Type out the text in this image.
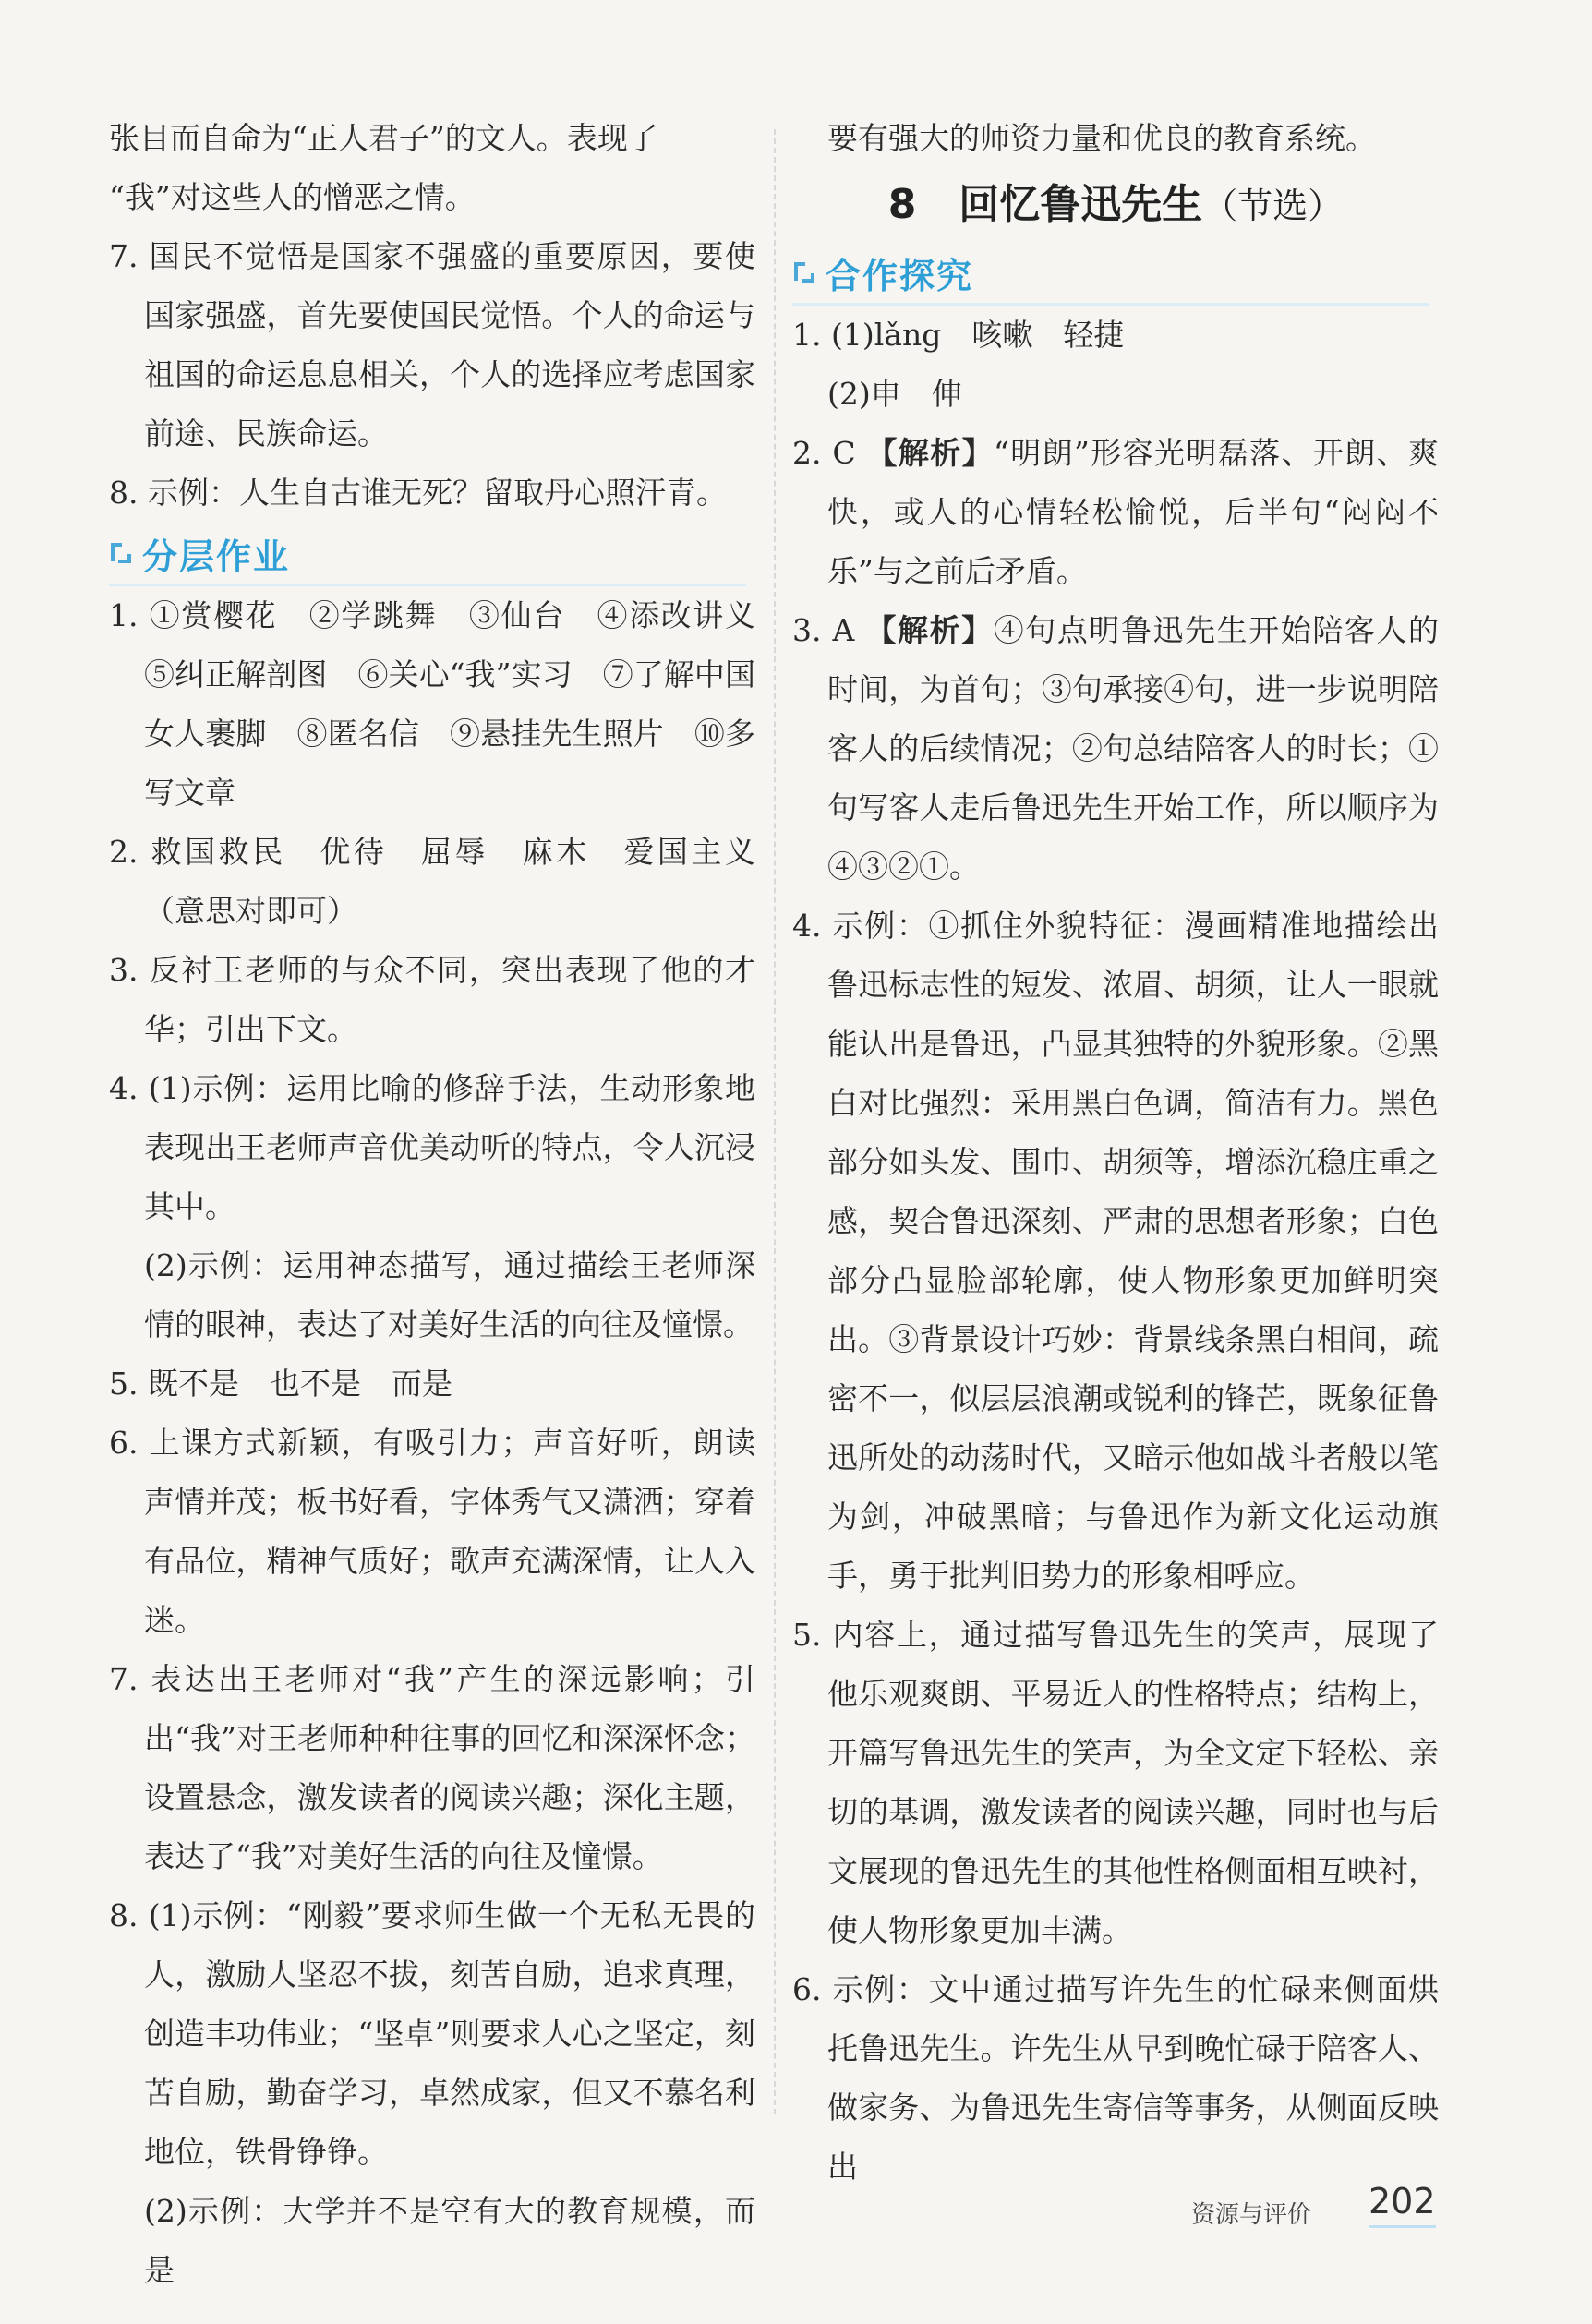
张目而自命为“正人君子”的文人。表现了
“我”对这些人的憎恶之情。
7. 国民不觉悟是国家不强盛的重要原因，要使国家强盛，首先要使国民觉悟。个人的命运与祖国的命运息息相关，个人的选择应考虑国家前途、民族命运。
8. 示例：人生自古谁无死？留取丹心照汗青。
分层作业
1. ①赏樱花　②学跳舞　③仙台　④添改讲义　⑤纠正解剖图　⑥关心“我”实习　⑦了解中国女人裹脚　⑧匿名信　⑨悬挂先生照片　⑩多写文章
2. 救国救民　优待　屈辱　麻木　爱国主义（意思对即可）
3. 反衬王老师的与众不同，突出表现了他的才华；引出下文。
4. (1)示例：运用比喻的修辞手法，生动形象地表现出王老师声音优美动听的特点，令人沉浸其中。
(2)示例：运用神态描写，通过描绘王老师深情的眼神，表达了对美好生活的向往及憧憬。
5. 既不是　也不是　而是
6. 上课方式新颖，有吸引力；声音好听，朗读声情并茂；板书好看，字体秀气又潇洒；穿着有品位，精神气质好；歌声充满深情，让人入迷。
7. 表达出王老师对“我”产生的深远影响；引出“我”对王老师种种往事的回忆和深深怀念；设置悬念，激发读者的阅读兴趣；深化主题，表达了“我”对美好生活的向往及憧憬。
8. (1)示例：“刚毅”要求师生做一个无私无畏的人，激励人坚忍不拔，刻苦自励，追求真理，创造丰功伟业；“坚卓”则要求人心之坚定，刻苦自励，勤奋学习，卓然成家，但又不慕名利地位，铁骨铮铮。
(2)示例：大学并不是空有大的教育规模，而是
要有强大的师资力量和优良的教育系统。
8 回忆鲁迅先生（节选）
合作探究
1. (1)lǎng　咳嗽　轻捷
(2)申　伸
2. C 【解析】“明朗”形容光明磊落、开朗、爽快，或人的心情轻松愉悦，后半句“闷闷不乐”与之前后矛盾。
3. A 【解析】④句点明鲁迅先生开始陪客人的时间，为首句；③句承接④句，进一步说明陪客人的后续情况；②句总结陪客人的时长；①句写客人走后鲁迅先生开始工作，所以顺序为④③②①。
4. 示例：①抓住外貌特征：漫画精准地描绘出鲁迅标志性的短发、浓眉、胡须，让人一眼就能认出是鲁迅，凸显其独特的外貌形象。②黑白对比强烈：采用黑白色调，简洁有力。黑色部分如头发、围巾、胡须等，增添沉稳庄重之感，契合鲁迅深刻、严肃的思想者形象；白色部分凸显脸部轮廓，使人物形象更加鲜明突出。③背景设计巧妙：背景线条黑白相间，疏密不一，似层层浪潮或锐利的锋芒，既象征鲁迅所处的动荡时代，又暗示他如战斗者般以笔为剑，冲破黑暗；与鲁迅作为新文化运动旗手，勇于批判旧势力的形象相呼应。
5. 内容上，通过描写鲁迅先生的笑声，展现了他乐观爽朗、平易近人的性格特点；结构上，开篇写鲁迅先生的笑声，为全文定下轻松、亲切的基调，激发读者的阅读兴趣，同时也与后文展现的鲁迅先生的其他性格侧面相互映衬，使人物形象更加丰满。
6. 示例：文中通过描写许先生的忙碌来侧面烘托鲁迅先生。许先生从早到晚忙碌于陪客人、做家务、为鲁迅先生寄信等事务，从侧面反映出
资源与评价 202
